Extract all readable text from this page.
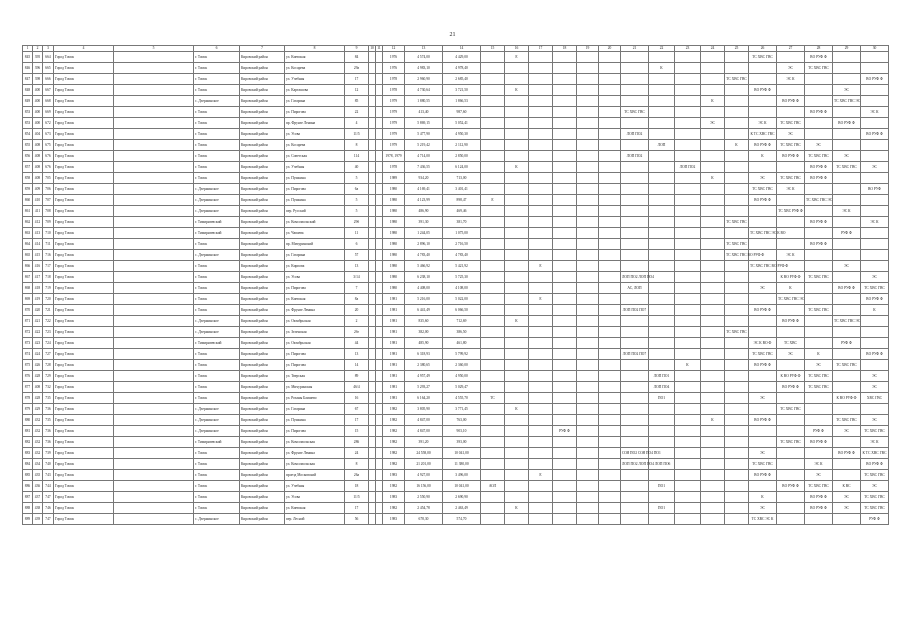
21
1	2	3	4	5	6	7	8	9	10	11	12	13	14	15	16	17	18	19	20	21	22	23	24	25	26	27	28	29	30
845	395	664	Город Томск		г. Томск	Кировский район	ул. Киевская	84			1976	4 574,00	4 429,00		Е										ТС ХВС ГВС		ВО РУФ Ф		
846	396	665	Город Томск		г. Томск	Кировский район	ул. Косарева	29а			1976	4 983,10	4 978,40								К					ЭС	ТС ХВС ГВС		
847	398	666	Город Томск		г. Томск	Кировский район	ул. Учебная	17			1978	2 960,90	2 685,40											ТС ХВС ГВС		ЭС К			ВО РУФ Ф
848	400	667	Город Томск		г. Томск	Кировский район	ул. Карташова	12			1978	4 730,64	3 721,50		К										ВО РУФ Ф			ЭС	
849	400	668	Город Томск		с. Дзержинское	Кировский район	ул. Гагарина	85			1979	1 880,55	1 866,53										К			ВО РУФ Ф		ТС ХВС ГВС ЭС	
853	400	669	Город Томск		г. Томск	Кировский район	ул. Пирогова	22			1979	413,40	987,60							ТС ХВС ГВС							ВО РУФ Ф		ЭС К
853	400	672	Город Томск		г. Томск	Кировский район	пр. Фрунзе Ленина	4			1979	5 869,15	5 052,41										ЭС		ЭС К	ТС ХВС ГВС		ВО РУФ Ф	
854	404	673	Город Томск		г. Томск	Кировский район	ул. Усова	11/5			1979	5 477,90	4 950,30							ЛОП ПО2					К ТС ХВС ГВС	ЭС			ВО РУФ Ф
855	408	675	Город Томск		г. Томск	Кировский район	ул. Косарева	8			1979	5 219,42	2 112,90								ЛОП			К	ВО РУФ Ф	ТС ХВС ГВС	ЭС		
856	408	676	Город Томск		г. Томск	Кировский район	ул. Советская	114			1978, 1979	4 714,00	2 850,00							ЛОП ПО2					К	ВО РУФ Ф	ТС ХВС ГВС	ЭС	
857	408	676	Город Томск		г. Томск	Кировский район	ул. Учебная	40			1978	7 436,55	6 124,00		К							ЛОП ПО2					ВО РУФ Ф	ТС ХВС ГВС	ЭС
858	408	705	Город Томск		г. Томск	Кировский район	ул. Пушкина	5			1989	934,20	713,00										К		ЭС	ТС ХВС ГВС	ВО РУФ Ф		
859	409	706	Город Томск		с. Дзержинское	Кировский район	ул. Пирогова	6а			1980	4 169,41	3 401,41												ТС ХВС ГВС	ЭС К			ВО РУФ
860	410	707	Город Томск		с. Дзержинское	Кировский район	ул. Пушкина	5			1980	4 123,99	898,47	Е											ВО РУФ Ф		ТС ХВС ГВС ЭС		
861	411	708	Город Томск		с. Дзержинское	Кировский район	пер. Русский	5			1980	486,90	469,46													ТС ХВС РУФ Ф		ЭС К	
862	412	709	Город Томск		г. Тимирязевский	Кировский район	ул. Комсомольский	29б			1980	391,30	381,70											ТС ХВС ГВС			ВО РУФ Ф		ЭС К
863	413	710	Город Томск		г. Тимирязевский	Кировский район	ул. Чапаева	11			1980	1 244,05	1 075,00												ТС ХВС ГВС ЭС К ВО			РУФ Ф	
864	414	711	Город Томск		г. Томск	Кировский район	пр. Мичуринский	6			1980	2 896,10	2 716,50											ТС ХВС ГВС			ВО РУФ Ф		
865	415	716	Город Томск		с. Дзержинское	Кировский район	ул. Гагарина	57			1980	4 783,40	4 783,40											ТС ХВС ГВС ВО РУФ Ф		ЭС К			
866	416	717	Город Томск		г. Томск	Кировский район	ул. Кирпова	13			1980	5 466,92	5 421,92			Е									ТС ХВС ГВС ВО РУФ Ф			ЭС	
867	417	718	Город Томск		г. Томск	Кировский район	ул. Усова	3/14			1980	6 238,10	5 725,30							ЛОП ПО2 ЛОП ПО4						К ВО РУФ Ф	ТС ХВС ГВС		ЭС
868	418	719	Город Томск		г. Томск	Кировский район	ул. Пирогова	7			1980	4 408,00	4 108,00							АС, ЛОП					ЭС	К		ВО РУФ Ф	ТС ХВС ГВС
869	419	720	Город Томск		г. Томск	Кировский район	ул. Киевская	8а			1981	5 216,00	5 022,00			Е										ТС ХВС ГВС ЭС			ВО РУФ Ф
870	420	721	Город Томск		г. Томск	Кировский район	ул. Фрунзе Ленина	20			1981	6 441,49	6 066,50							ЛОП ПО2 ПО7					ВО РУФ Ф		ТС ХВС ГВС		К
871	421	722	Город Томск		с. Дзержинское	Кировский район	ул. Октябрьская	2			1981	835,60	712,69		К											ВО РУФ Ф		ТС ХВС ГВС ЭС	
872	422	723	Город Томск		с. Дзержинское	Кировский район	ул. Зеленская	2бг			1981	382,00	386,50											ТС ХВС ГВС					
873	423	724	Город Томск		г. Тимирязевский	Кировский район	ул. Октябрьская	44			1981	485,90	461,80												ЭС К ВО Ф	ТС ХВС		РУФ Ф	
874	424	727	Город Томск		г. Томск	Кировский район	ул. Пирогова	13			1981	6 318,93	5 799,92							ЛОП ПО2 ПО7					ТС ХВС ГВС	ЭС	К		ВО РУФ Ф
875	426	728	Город Томск		г. Томск	Кировский район	ул. Пирогова	14			1981	2 380,65	2 360,00									К			ВО РУФ Ф		ЭС	ТС ХВС ГВС	
876	428	729	Город Томск		г. Томск	Кировский район	ул. Тверская	89			1981	4 957,49	4 950,00								ЛОП ПО1					К ВО РУФ Ф	ТС ХВС ГВС		ЭС
877	408	732	Город Томск		г. Томск	Кировский район	ул. Мичуринская	46/4			1981	5 293,27	5 029,47								ЛОП ПО4					ВО РУФ Ф	ТС ХВС ГВС		ЭС
878	428	735	Город Томск		г. Томск	Кировский район	ул. Розаны Баишево	16			1981	6 164,20	4 555,70	ТС							ПО1				ЭС			К ВО РУФ Ф	ХВС ГВС
879	429	736	Город Томск		с. Дзержинское	Кировский район	ул. Гагарина	67			1982	3 805,90	3 771,45		К											ТС ХВС ГВС			
880	432	735	Город Томск		с. Дзержинское	Кировский район	ул. Пушкина	17			1982	4 847,00	763,00										К		ВО РУФ Ф			ТС ХВС ГВС	ЭС
881	432	736	Город Томск		с. Дзержинское	Кировский район	ул. Пирогова	15			1982	4 847,00	903,10				РУФ Ф										РУФ Ф	ЭС	ТС ХВС ГВС
882	432	736	Город Томск		г. Тимирязевский	Кировский район	ул. Комсомольская	286			1982	391,20	393,00													ТС ХВС ГВС	ВО РУФ Ф		ЭС К
883	432	739	Город Томск		г. Томск	Кировский район	ул. Фрунзе Ленина	24			1982	24 558,00	10 041,00							СОЯ ПО2 СОЯ ПО4 ПО1					ЭС			ВО РУФ Ф	К ТС ХВС ГВС
884	434	740	Город Томск		г. Томск	Кировский район	ул. Комсомольская	8			1982	21 201,00	11 380,00							ЛОП ПО2 ЛОП ПО4 ЛОП ПО6					ТС ХВС ГВС		ЭС К		ВО РУФ Ф
885	435	743	Город Томск		г. Томск	Кировский район	проезд Московский	26а			1983	4 927,00	3 496,00			Е									ВО РУФ Ф		ЭС		ТС ХВС ГВС
886	436	744	Город Томск		г. Томск	Кировский район	ул. Учебная	18			1982	16 156,00	10 041,00	АОЛ							ПО1					ВО РУФ Ф	ТС ХВС ГВС	К ВС	ЭС
887	437	747	Город Томск		г. Томск	Кировский район	ул. Усова	11/5			1983	2 550,90	2 690,90												К		ВО РУФ Ф	ЭС	ТС ХВС ГВС
888	438	746	Город Томск		г. Томск	Кировский район	ул. Киевская	17			1982	2 454,78	2 463,49		К						ПО1				ЭС		ВО РУФ Ф	ЭС	ТС ХВС ГВС
889	439	747	Город Томск		с. Дзержинское	Кировский район	пер. Лесной	56			1983	678,30	574,70												ТС ХВС ЭС К				РУФ Ф
